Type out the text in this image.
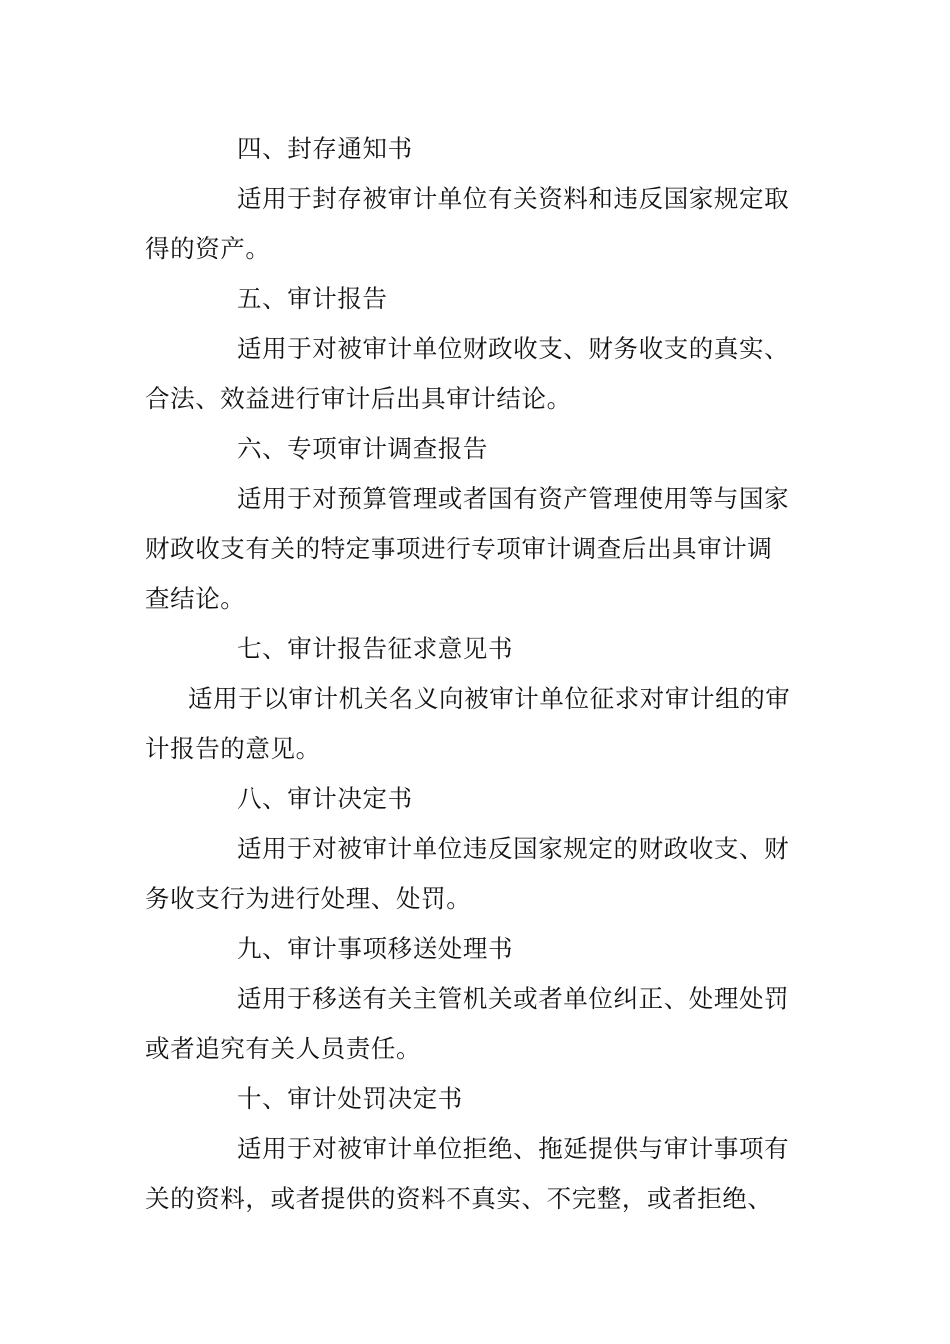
四、封存通知书
适用于封存被审计单位有关资料和违反国家规定取
得的资产。
五、审计报告
适用于对被审计单位财政收支、财务收支的真实、
合法、效益进行审计后出具审计结论。
六、专项审计调查报告
适用于对预算管理或者国有资产管理使用等与国家
财政收支有关的特定事项进行专项审计调查后出具审计调
查结论。
七、审计报告征求意见书
适用于以审计机关名义向被审计单位征求对审计组的审
计报告的意见。
八、审计决定书
适用于对被审计单位违反国家规定的财政收支、财
务收支行为进行处理、处罚。
九、审计事项移送处理书
适用于移送有关主管机关或者单位纠正、处理处罚
或者追究有关人员责任。
十、审计处罚决定书
适用于对被审计单位拒绝、拖延提供与审计事项有
关的资料，或者提供的资料不真实、不完整，或者拒绝、
